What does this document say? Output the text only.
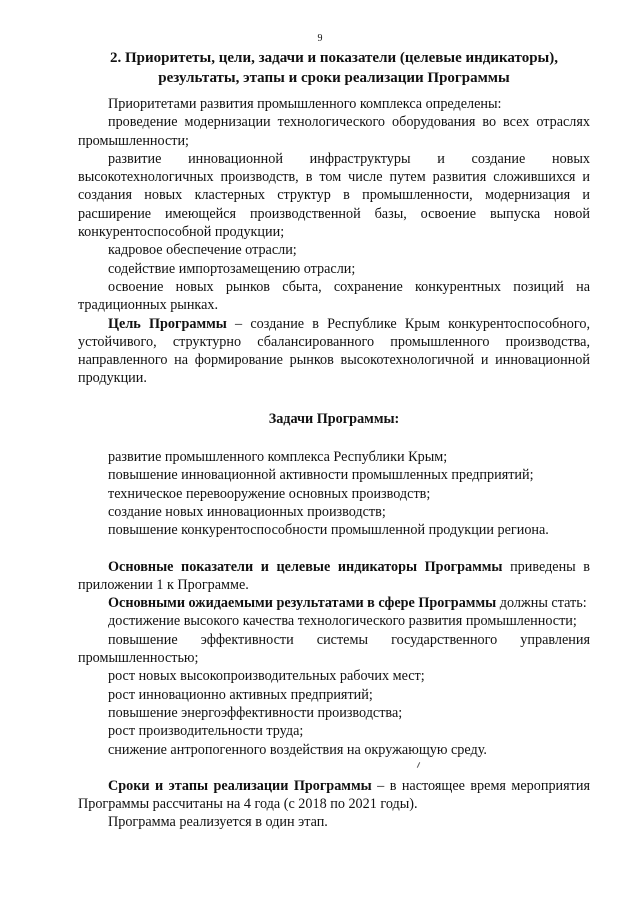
9
2. Приоритеты, цели, задачи и показатели (целевые индикаторы),
результаты, этапы и сроки реализации Программы

Приоритетами развития промышленного комплекса определены:

проведение модернизации технологического оборудования во всех отраслях промышленности;

развитие инновационной инфраструктуры и создание новых высокотехнологичных производств, в том числе путем развития сложившихся и создания новых кластерных структур в промышленности, модернизация и расширение имеющейся производственной базы, освоение выпуска новой конкурентоспособной продукции;

кадровое обеспечение отрасли;

содействие импортозамещению отрасли;

освоение новых рынков сбыта, сохранение конкурентных позиций на традиционных рынках.

Цель Программы – создание в Республике Крым конкурентоспособного, устойчивого, структурно сбалансированного промышленного производства, направленного на формирование рынков высокотехнологичной и инновационной продукции.

Задачи Программы:

развитие промышленного комплекса Республики Крым;

повышение инновационной активности промышленных предприятий;

техническое перевооружение основных производств;

создание новых инновационных производств;

повышение конкурентоспособности промышленной продукции региона.

Основные показатели и целевые индикаторы Программы приведены в приложении 1 к Программе.

Основными ожидаемыми результатами в сфере Программы должны стать:

достижение высокого качества технологического развития промышленности;

повышение эффективности системы государственного управления промышленностью;

рост новых высокопроизводительных рабочих мест;

рост инновационно активных предприятий;

повышение энергоэффективности производства;

рост производительности труда;

снижение антропогенного воздействия на окружающую среду.

Сроки и этапы реализации Программы – в настоящее время мероприятия Программы рассчитаны на 4 года (с 2018 по 2021 годы).

Программа реализуется в один этап.
